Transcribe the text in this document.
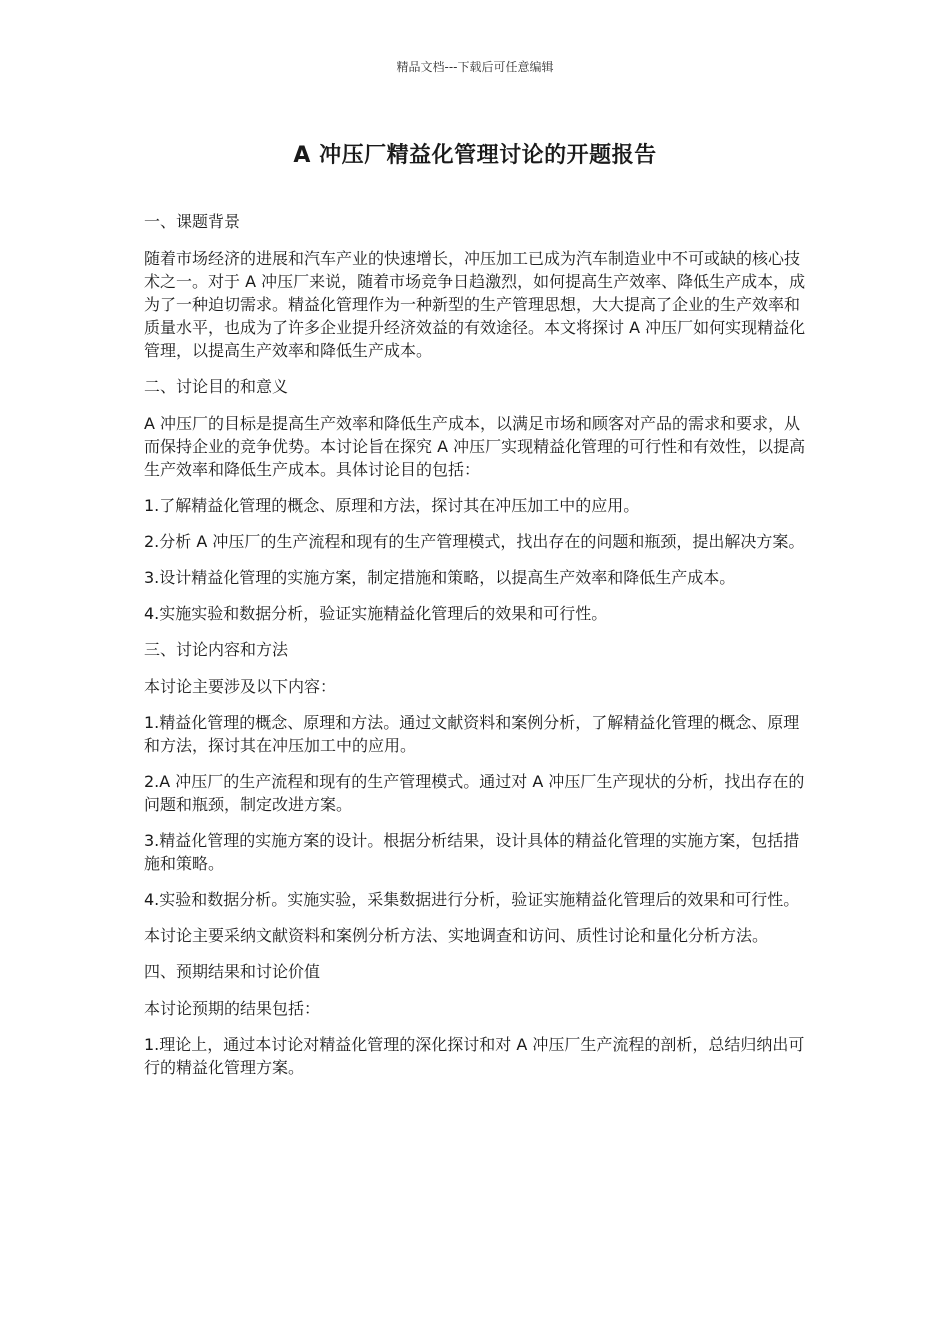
精品文档---下载后可任意编辑
A 冲压厂精益化管理讨论的开题报告

一、课题背景

随着市场经济的进展和汽车产业的快速增长，冲压加工已成为汽车制造业中不可或缺的核心技术之一。对于 A 冲压厂来说，随着市场竞争日趋激烈，如何提高生产效率、降低生产成本，成为了一种迫切需求。精益化管理作为一种新型的生产管理思想，大大提高了企业的生产效率和质量水平，也成为了许多企业提升经济效益的有效途径。本文将探讨 A 冲压厂如何实现精益化管理，以提高生产效率和降低生产成本。

二、讨论目的和意义

A 冲压厂的目标是提高生产效率和降低生产成本，以满足市场和顾客对产品的需求和要求，从而保持企业的竞争优势。本讨论旨在探究 A 冲压厂实现精益化管理的可行性和有效性，以提高生产效率和降低生产成本。具体讨论目的包括：

1.了解精益化管理的概念、原理和方法，探讨其在冲压加工中的应用。

2.分析 A 冲压厂的生产流程和现有的生产管理模式，找出存在的问题和瓶颈，提出解决方案。

3.设计精益化管理的实施方案，制定措施和策略，以提高生产效率和降低生产成本。

4.实施实验和数据分析，验证实施精益化管理后的效果和可行性。

三、讨论内容和方法

本讨论主要涉及以下内容：

1.精益化管理的概念、原理和方法。通过文献资料和案例分析，了解精益化管理的概念、原理和方法，探讨其在冲压加工中的应用。

2.A 冲压厂的生产流程和现有的生产管理模式。通过对 A 冲压厂生产现状的分析，找出存在的问题和瓶颈，制定改进方案。

3.精益化管理的实施方案的设计。根据分析结果，设计具体的精益化管理的实施方案，包括措施和策略。

4.实验和数据分析。实施实验，采集数据进行分析，验证实施精益化管理后的效果和可行性。

本讨论主要采纳文献资料和案例分析方法、实地调查和访问、质性讨论和量化分析方法。

四、预期结果和讨论价值

本讨论预期的结果包括：

1.理论上，通过本讨论对精益化管理的深化探讨和对 A 冲压厂生产流程的剖析，总结归纳出可行的精益化管理方案。
